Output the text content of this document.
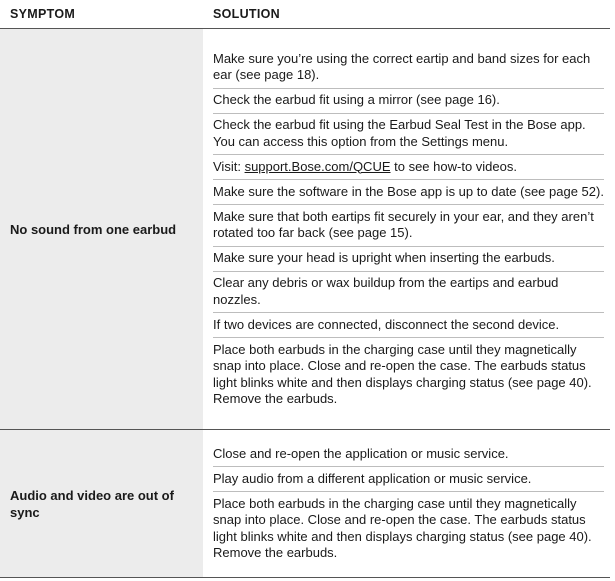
SYMPTOM	SOLUTION
No sound from one earbud
Make sure you’re using the correct eartip and band sizes for each ear (see page 18).
Check the earbud fit using a mirror (see page 16).
Check the earbud fit using the Earbud Seal Test in the Bose app. You can access this option from the Settings menu.
Visit: support.Bose.com/QCUE to see how-to videos.
Make sure the software in the Bose app is up to date (see page 52).
Make sure that both eartips fit securely in your ear, and they aren’t rotated too far back (see page 15).
Make sure your head is upright when inserting the earbuds.
Clear any debris or wax buildup from the eartips and earbud nozzles.
If two devices are connected, disconnect the second device.
Place both earbuds in the charging case until they magnetically snap into place. Close and re-open the case. The earbuds status light blinks white and then displays charging status (see page 40). Remove the earbuds.
Audio and video are out of sync
Close and re-open the application or music service.
Play audio from a different application or music service.
Place both earbuds in the charging case until they magnetically snap into place. Close and re-open the case. The earbuds status light blinks white and then displays charging status (see page 40). Remove the earbuds.
